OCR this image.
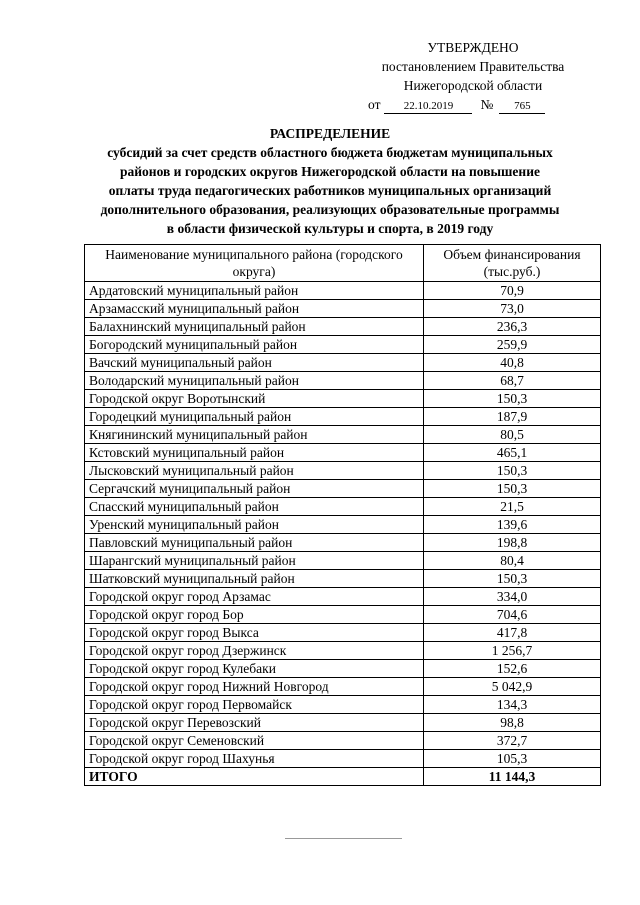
УТВЕРЖДЕНО
постановлением Правительства
Нижегородской области
от 22.10.2019 № 765
РАСПРЕДЕЛЕНИЕ
субсидий за счет средств областного бюджета бюджетам муниципальных
районов и городских округов Нижегородской области на повышение
оплаты труда педагогических работников муниципальных организаций
дополнительного образования, реализующих образовательные программы
в области физической культуры и спорта, в 2019 году
Наименование муниципального района (городского округа)	Объем финансирования (тыс.руб.)
Ардатовский муниципальный район	70,9
Арзамасский муниципальный район	73,0
Балахнинский муниципальный район	236,3
Богородский муниципальный район	259,9
Вачский муниципальный район	40,8
Володарский муниципальный район	68,7
Городской округ Воротынский	150,3
Городецкий муниципальный район	187,9
Княгининский муниципальный район	80,5
Кстовский муниципальный район	465,1
Лысковский муниципальный район	150,3
Сергачский муниципальный район	150,3
Спасский муниципальный район	21,5
Уренский муниципальный район	139,6
Павловский муниципальный район	198,8
Шарангский муниципальный район	80,4
Шатковский муниципальный район	150,3
Городской округ город Арзамас	334,0
Городской округ город Бор	704,6
Городской округ город Выкса	417,8
Городской округ город Дзержинск	1 256,7
Городской округ город Кулебаки	152,6
Городской округ город Нижний Новгород	5 042,9
Городской округ город Первомайск	134,3
Городской округ Перевозский	98,8
Городской округ Семеновский	372,7
Городской округ город Шахунья	105,3
ИТОГО	11 144,3
